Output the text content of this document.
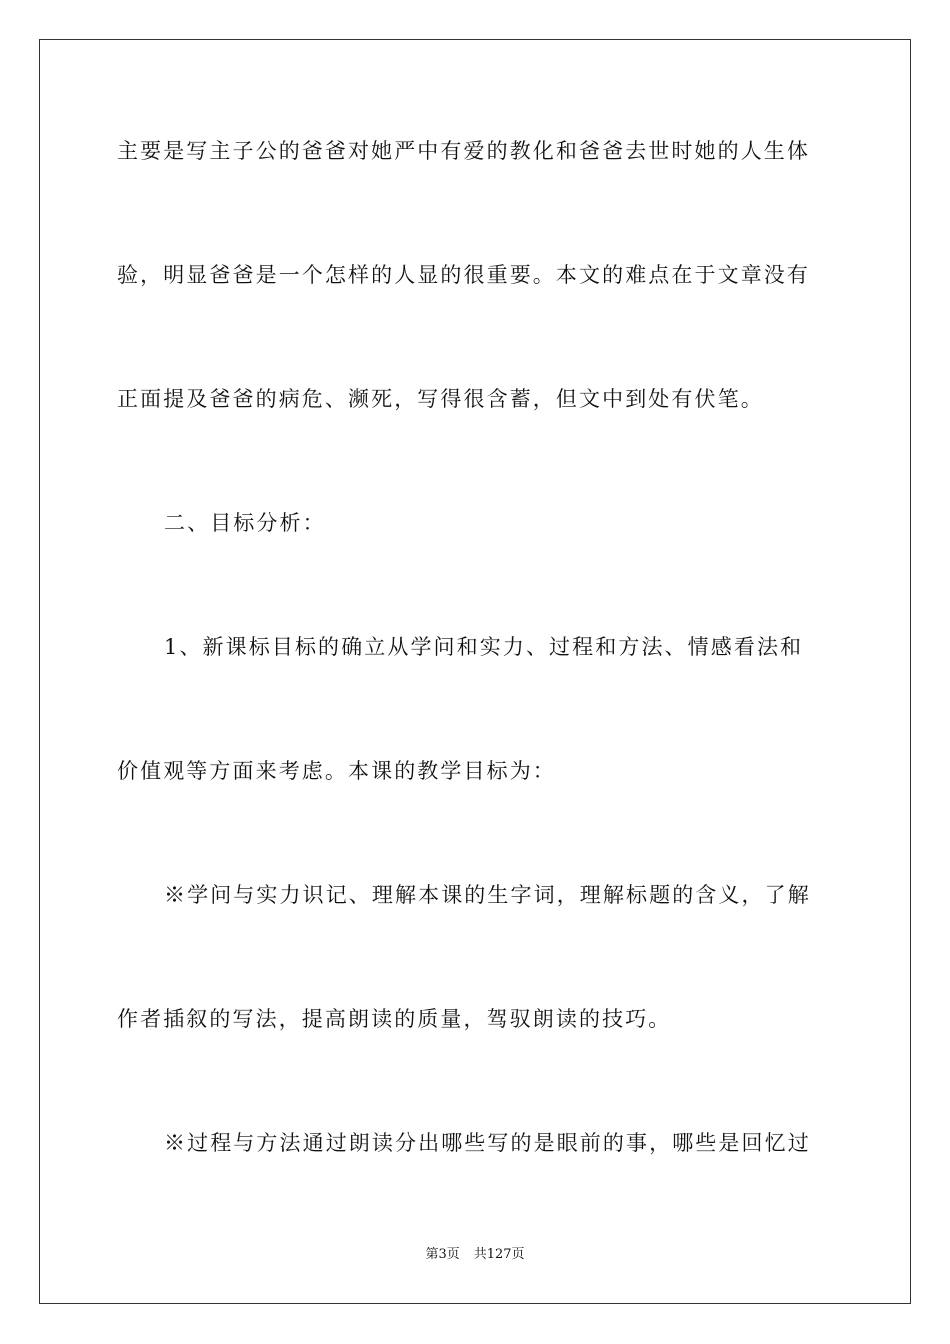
主要是写主子公的爸爸对她严中有爱的教化和爸爸去世时她的人生体
验，明显爸爸是一个怎样的人显的很重要。本文的难点在于文章没有
正面提及爸爸的病危、濒死，写得很含蓄，但文中到处有伏笔。
二、目标分析：
1、新课标目标的确立从学问和实力、过程和方法、情感看法和
价值观等方面来考虑。本课的教学目标为：
※学问与实力识记、理解本课的生字词，理解标题的含义，了解
作者插叙的写法，提高朗读的质量，驾驭朗读的技巧。
※过程与方法通过朗读分出哪些写的是眼前的事，哪些是回忆过
第3页 共127页
